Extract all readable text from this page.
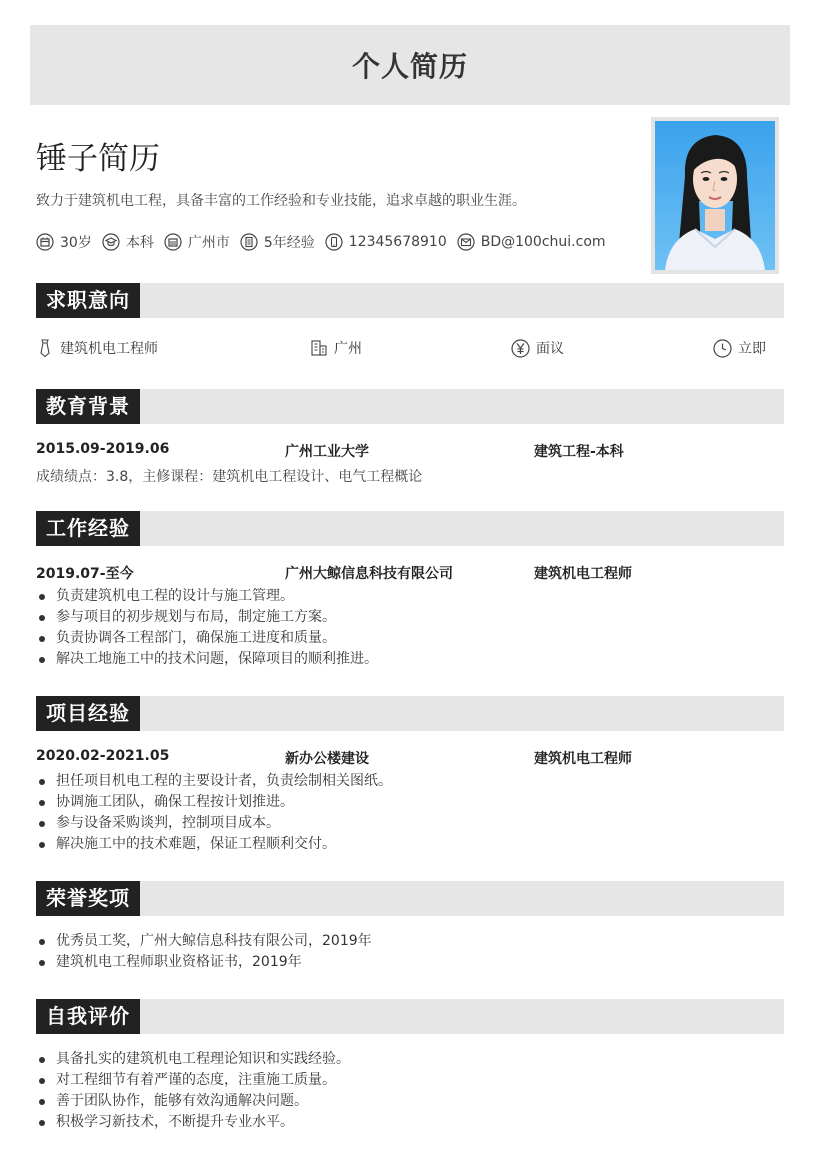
个人简历
锤子简历
致力于建筑机电工程，具备丰富的工作经验和专业技能，追求卓越的职业生涯。
30岁 本科 广州市 5年经验 12345678910 BD@100chui.com
求职意向
建筑机电工程师	广州	面议	立即
教育背景
2015.09-2019.06	广州工业大学	建筑工程-本科
成绩绩点：3.8，主修课程：建筑机电工程设计、电气工程概论
工作经验
2019.07-至今	广州大鲸信息科技有限公司	建筑机电工程师
负责建筑机电工程的设计与施工管理。
参与项目的初步规划与布局，制定施工方案。
负责协调各工程部门，确保施工进度和质量。
解决工地施工中的技术问题，保障项目的顺利推进。
项目经验
2020.02-2021.05	新办公楼建设	建筑机电工程师
担任项目机电工程的主要设计者，负责绘制相关图纸。
协调施工团队，确保工程按计划推进。
参与设备采购谈判，控制项目成本。
解决施工中的技术难题，保证工程顺利交付。
荣誉奖项
优秀员工奖，广州大鲸信息科技有限公司，2019年
建筑机电工程师职业资格证书，2019年
自我评价
具备扎实的建筑机电工程理论知识和实践经验。
对工程细节有着严谨的态度，注重施工质量。
善于团队协作，能够有效沟通解决问题。
积极学习新技术，不断提升专业水平。
